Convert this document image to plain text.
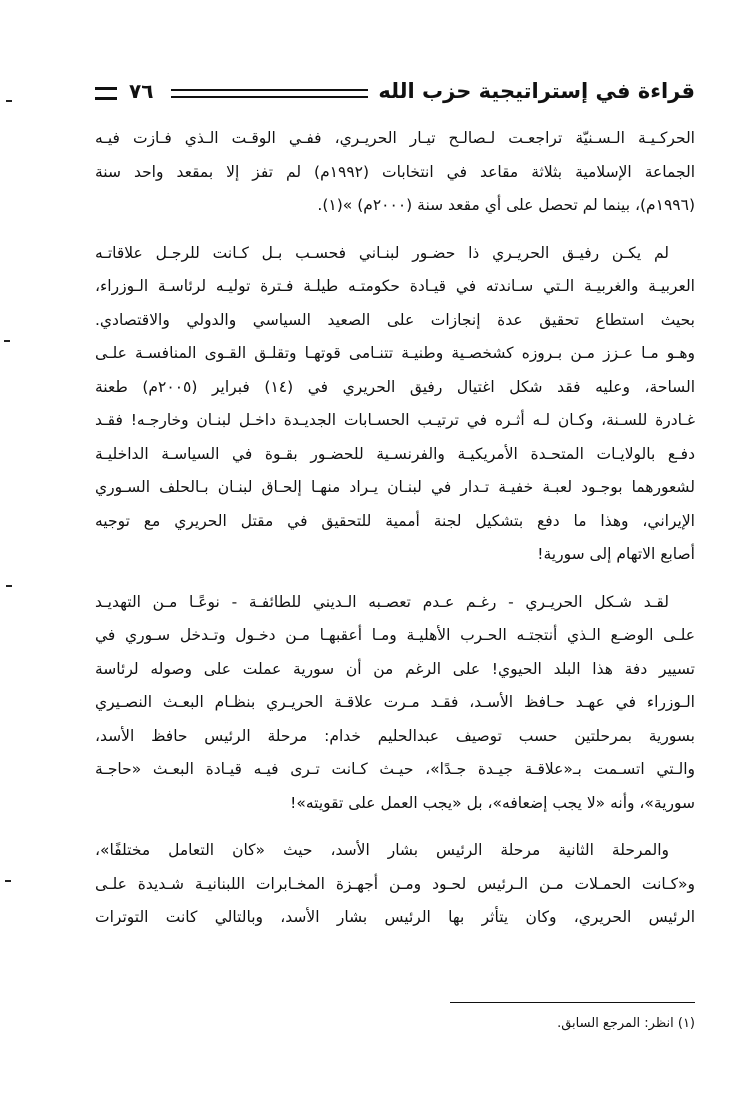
قراءة في إستراتيجية حزب الله
٧٦
الحركـيـة الـسـنيّة تراجعـت لـصالـح تيـار الحريـري، ففـي الوقـت الـذي فـازت فيـه
الجماعة الإسلامية بثلاثة مقاعد في انتخابات (١٩٩٢م) لم تفز إلا بمقعد واحد سنة
(١٩٩٦م)، بينما لم تحصل على أي مقعد سنة (٢٠٠٠م) »(١).
لم يكـن رفيـق الحريـري ذا حضـور لبنـاني فحسـب بـل كـانت للرجـل علاقاتـه
العربيـة والغربيـة الـتي سـاندته في قيـادة حكومتـه طيلـة فـترة توليـه لرئاسـة الـوزراء،
بحيث استطاع تحقيق عدة إنجازات على الصعيد السياسي والدولي والاقتصادي.
وهـو مـا عـزز مـن بـروزه كشخصـية وطنيـة تتنـامى قوتهـا وتقلـق القـوى المنافسـة علـى
الساحة، وعليه فقد شكل اغتيال رفيق الحريري في (١٤) فبراير (٢٠٠٥م) طعنة
غـادرة للسـنة، وكـان لـه أثـره في ترتيـب الحسـابات الجديـدة داخـل لبنـان وخارجـه! فقـد
دفـع بالولايـات المتحـدة الأمريكيـة والفرنسـية للحضـور بقـوة في السياسـة الداخليـة
لشعورهما بوجـود لعبـة خفيـة تـدار في لبنـان يـراد منهـا إلحـاق لبنـان بـالحلف السـوري
الإيراني، وهذا ما دفع بتشكيل لجنة أممية للتحقيق في مقتل الحريري مع توجيه
أصابع الاتهام إلى سورية!
لقـد شـكل الحريـري - رغـم عـدم تعصـبه الـديني للطائفـة - نوعًـا مـن التهديـد
علـى الوضـع الـذي أنتجتـه الحـرب الأهليـة ومـا أعقبهـا مـن دخـول وتـدخل سـوري في
تسيير دفة هذا البلد الحيوي! على الرغم من أن سورية عملت على وصوله لرئاسة
الـوزراء في عهـد حـافظ الأسـد، فقـد مـرت علاقـة الحريـري بنظـام البعـث النصـيري
بسورية بمرحلتين حسب توصيف عبدالحليم خدام: مرحلة الرئيس حافظ الأسد،
والـتي اتسـمت بـ«علاقـة جيـدة جـدًا»، حيـث كـانت تـرى فيـه قيـادة البعـث «حاجـة
سورية»، وأنه «لا يجب إضعافه»، بل «يجب العمل على تقويته»!
والمرحلة الثانية مرحلة الرئيس بشار الأسد، حيث «كان التعامل مختلفًا»،
و«كـانت الحمـلات مـن الـرئيس لحـود ومـن أجهـزة المخـابرات اللبنانيـة شـديدة علـى
الرئيس الحريري، وكان يتأثر بها الرئيس بشار الأسد، وبالتالي كانت التوترات
(١) انظر: المرجع السابق.
